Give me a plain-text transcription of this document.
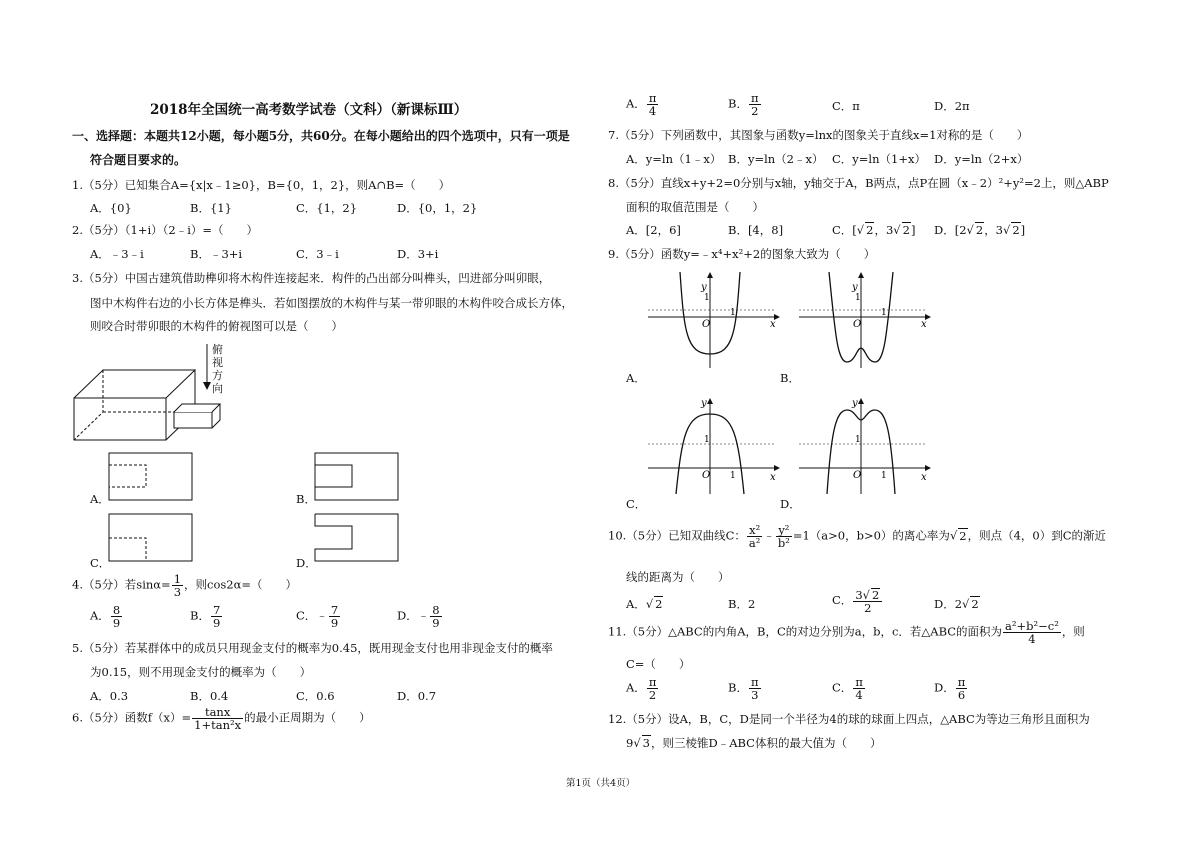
2018年全国统一高考数学试卷（文科）（新课标Ⅲ）
一、选择题：本题共12小题，每小题5分，共60分。在每小题给出的四个选项中，只有一项是
符合题目要求的。
1.（5分）已知集合A={x|x﹣1≥0}，B={0，1，2}，则A∩B=（　　）
A．{0}	B．{1}	C．{1，2}	D．{0，1，2}
2.（5分）（1+i）（2﹣i）=（　　）
A．﹣3﹣i	B．﹣3+i	C．3﹣i	D．3+i
3.（5分）中国古建筑借助榫卯将木构件连接起来．构件的凸出部分叫榫头，凹进部分叫卯眼，
图中木构件右边的小长方体是榫头．若如图摆放的木构件与某一带卯眼的木构件咬合成长方体，
则咬合时带卯眼的木构件的俯视图可以是（　　）
俯
视
方
向
A．	B．
C．	D．
4.（5分）若$\sin\alpha= \frac{1}{3}$ ，则cos2α=（　　）
A． $\frac{8}{9}$	B． $\frac{7}{9}$	C．﹣ $\frac{7}{9}$	D．﹣ $\frac{8}{9}$
5.（5分）若某群体中的成员只用现金支付的概率为0.45，既用现金支付也用非现金支付的概率
为0.15，则不用现金支付的概率为（　　）
A．0.3	B．0.4	C．0.6	D．0.7
6.（5分）函数$f(x)= \frac{\tan x}{\text{1+tan²x}}$ 的最小正周期为（　　）
A． $\frac{\pi}{4}$	B． $\frac{\pi}{2}$	C．π	D．2π
7.（5分）下列函数中，其图象与函数y=lnx的图象关于直线x=1对称的是（　　）
A．y=ln（1﹣x） B．y=ln（2﹣x） C．y=ln（1+x） D．y=ln（2+x）
8.（5分）直线x+y+2=0分别与x轴，y轴交于A，B两点，点P在圆（x﹣2）²+y²=2上，则△ABP
面积的取值范围是（　　）
A．[2，6]	B．[4，8]	C．[√ 2，3√ 2] D．[2√ 2，3√ 2]
9.（5分）函数y=﹣x⁴+x²+2的图象大致为（　　）
y
O
1
1
x
A．
y
O
1
1
x
B．
y
O
1
1	x
C．
y
O
1
1	x
D．
10.（5分）已知双曲线C： $\frac{\text{x²}}{\text{a²}}$ ﹣ $\frac{\text{y²}}{\text{b²}} =1(a>0$，b>0）的离心率为√ 2，则点（4，0）到C的渐近
线的距离为（　　）
A．√ 2	B．2	C． $\frac{3√ 2}{2}$	D．2√ 2
11.（5分）△ABC的内角A，B，C的对边分别为a，b，c．若△ABC的面积为 $\frac{\text{a²+b²−c²}}{4}$ ，则
C=（　　）
A． $\frac{\pi}{2}$	B． $\frac{\pi}{3}$	C． $\frac{\pi}{4}$	D． $\frac{\pi}{6}$
12.（5分）设A，B，C，D是同一个半径为4的球的球面上四点，△ABC为等边三角形且面积为
9√ 3，则三棱锥D﹣ABC体积的最大值为（　　）
第1页（共4页）
